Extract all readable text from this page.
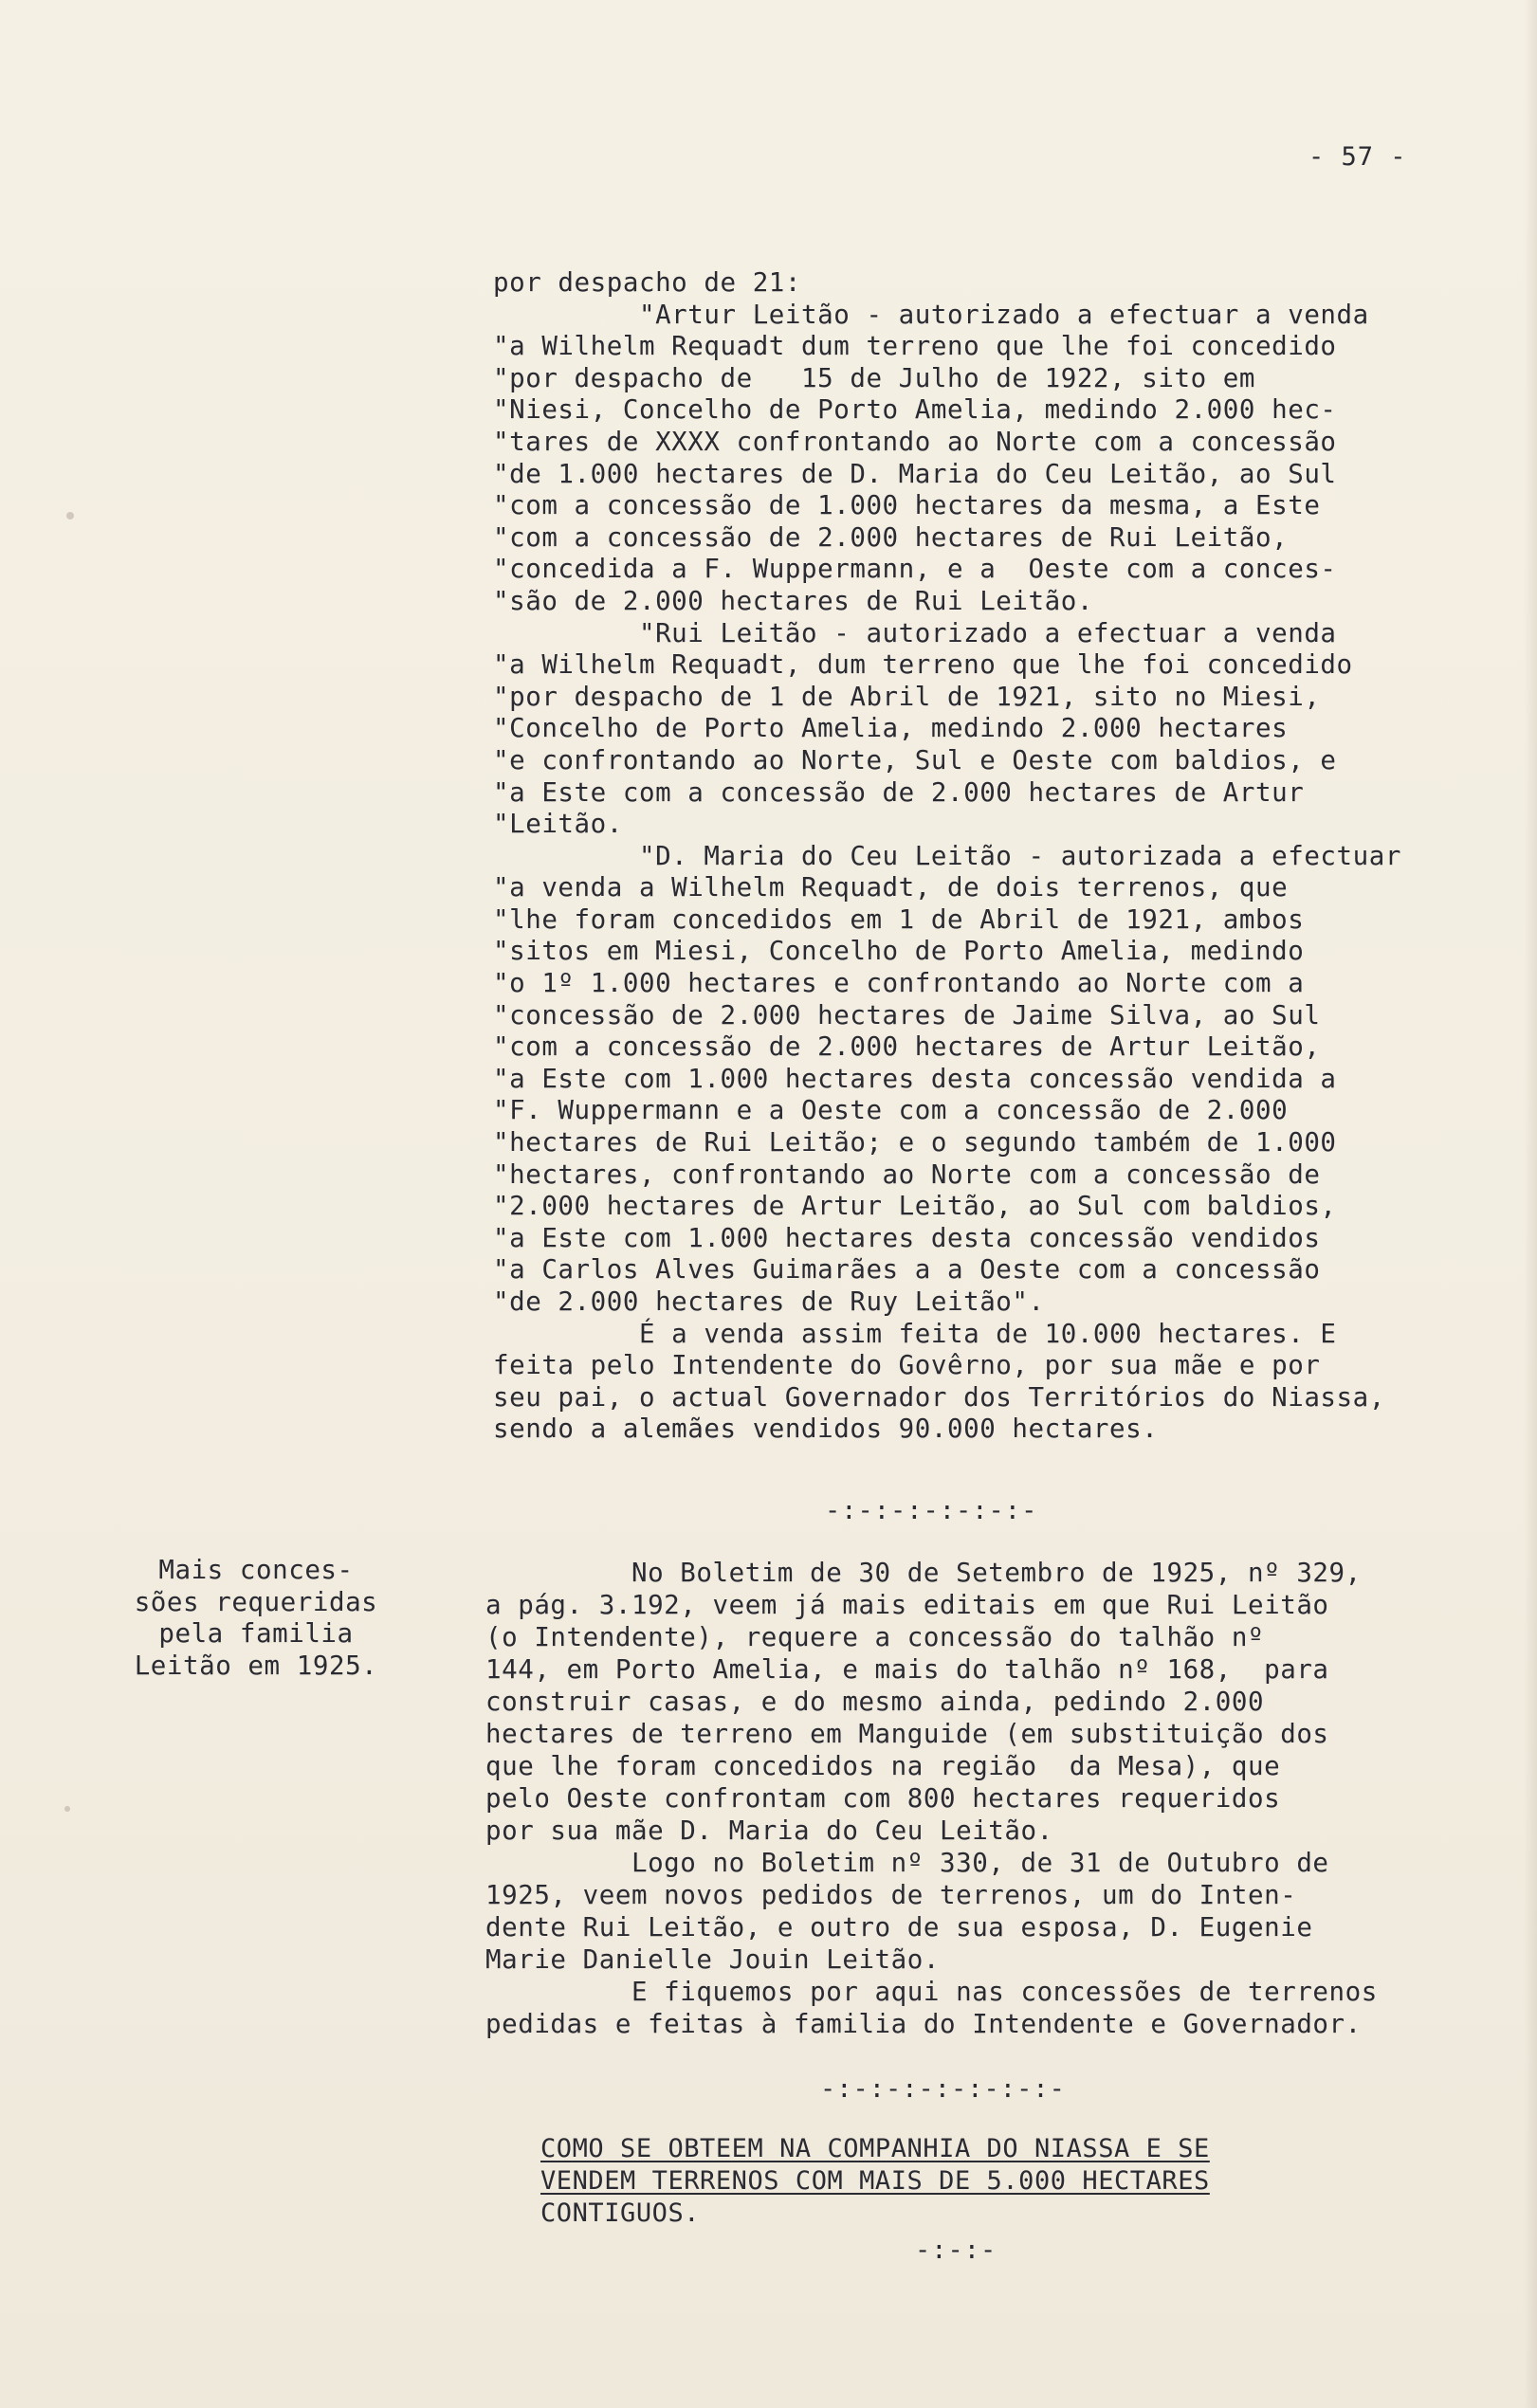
- 57 -
por despacho de 21:
"Artur Leitão - autorizado a efectuar a venda
"a Wilhelm Requadt dum terreno que lhe foi concedido
"por despacho de   15 de Julho de 1922, sito em
"Niesi, Concelho de Porto Amelia, medindo 2.000 hec-
"tares de XXXX confrontando ao Norte com a concessão
"de 1.000 hectares de D. Maria do Ceu Leitão, ao Sul
"com a concessão de 1.000 hectares da mesma, a Este
"com a concessão de 2.000 hectares de Rui Leitão,
"concedida a F. Wuppermann, e a  Oeste com a conces-
"são de 2.000 hectares de Rui Leitão.
"Rui Leitão - autorizado a efectuar a venda
"a Wilhelm Requadt, dum terreno que lhe foi concedido
"por despacho de 1 de Abril de 1921, sito no Miesi,
"Concelho de Porto Amelia, medindo 2.000 hectares
"e confrontando ao Norte, Sul e Oeste com baldios, e
"a Este com a concessão de 2.000 hectares de Artur
"Leitão.
"D. Maria do Ceu Leitão - autorizada a efectuar
"a venda a Wilhelm Requadt, de dois terrenos, que
"lhe foram concedidos em 1 de Abril de 1921, ambos
"sitos em Miesi, Concelho de Porto Amelia, medindo
"o 1º 1.000 hectares e confrontando ao Norte com a
"concessão de 2.000 hectares de Jaime Silva, ao Sul
"com a concessão de 2.000 hectares de Artur Leitão,
"a Este com 1.000 hectares desta concessão vendida a
"F. Wuppermann e a Oeste com a concessão de 2.000
"hectares de Rui Leitão; e o segundo também de 1.000
"hectares, confrontando ao Norte com a concessão de
"2.000 hectares de Artur Leitão, ao Sul com baldios,
"a Este com 1.000 hectares desta concessão vendidos
"a Carlos Alves Guimarães a a Oeste com a concessão
"de 2.000 hectares de Ruy Leitão".
É a venda assim feita de 10.000 hectares. E
feita pelo Intendente do Govêrno, por sua mãe e por
seu pai, o actual Governador dos Territórios do Niassa,
sendo a alemães vendidos 90.000 hectares.
-:-:-:-:-:-:-
Mais conces-
sões requeridas
pela familia
Leitão em 1925.
No Boletim de 30 de Setembro de 1925, nº 329,
a pág. 3.192, veem já mais editais em que Rui Leitão
(o Intendente), requere a concessão do talhão nº
144, em Porto Amelia, e mais do talhão nº 168,  para
construir casas, e do mesmo ainda, pedindo 2.000
hectares de terreno em Manguide (em substituição dos
que lhe foram concedidos na região  da Mesa), que
pelo Oeste confrontam com 800 hectares requeridos
por sua mãe D. Maria do Ceu Leitão.
Logo no Boletim nº 330, de 31 de Outubro de
1925, veem novos pedidos de terrenos, um do Inten-
dente Rui Leitão, e outro de sua esposa, D. Eugenie
Marie Danielle Jouin Leitão.
E fiquemos por aqui nas concessões de terrenos
pedidas e feitas à familia do Intendente e Governador.
-:-:-:-:-:-:-:-
COMO SE OBTEEM NA COMPANHIA DO NIASSA E SE
VENDEM TERRENOS COM MAIS DE 5.000 HECTARES
CONTIGUOS.
-:-:-
